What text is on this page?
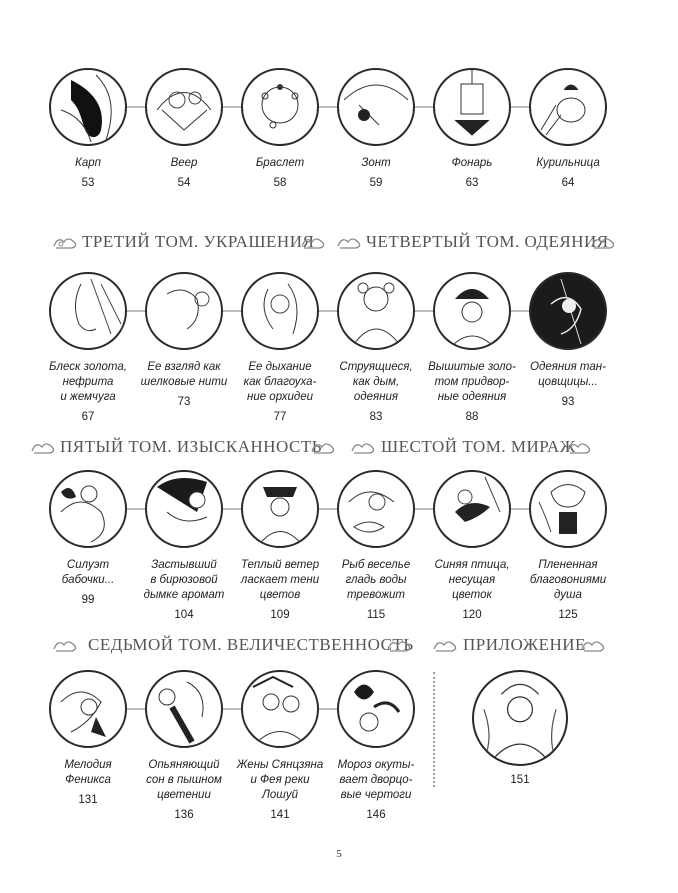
Карп
53
Веер
54
Браслет
58
Зонт
59
Фонарь
63
Курильница
64
ТРЕТИЙ ТОМ. УКРАШЕНИЯ	ЧЕТВЕРТЫЙ ТОМ. ОДЕЯНИЯ
Блеск золота,
нефрита
и жемчуга
67
Ее взгляд как
шелковые нити
73
Ее дыхание
как благоуха-
ние орхидеи
77
Струящиеся,
как дым,
одеяния
83
Вышитые золо-
том придвор-
ные одеяния
88
Одеяния тан-
цовщицы...
93
ПЯТЫЙ ТОМ. ИЗЫСКАННОСТЬ	ШЕСТОЙ ТОМ. МИРАЖ
Силуэт
бабочки...
99
Застывший
в бирюзовой
дымке аромат
104
Теплый ветер
ласкает тени
цветов
109
Рыб веселье
гладь воды
тревожит
115
Синяя птица,
несущая
цветок
120
Плененная
благовониями
душа
125
СЕДЬМОЙ ТОМ. ВЕЛИЧЕСТВЕННОСТЬ	ПРИЛОЖЕНИЕ
Мелодия
Феникса
131
Опьяняющий
сон в пышном
цветении
136
Жены Сянцзяна
и Фея реки
Лошуй
141
Мороз окуты-
вает дворцо-
вые чертоги
146
151
5
